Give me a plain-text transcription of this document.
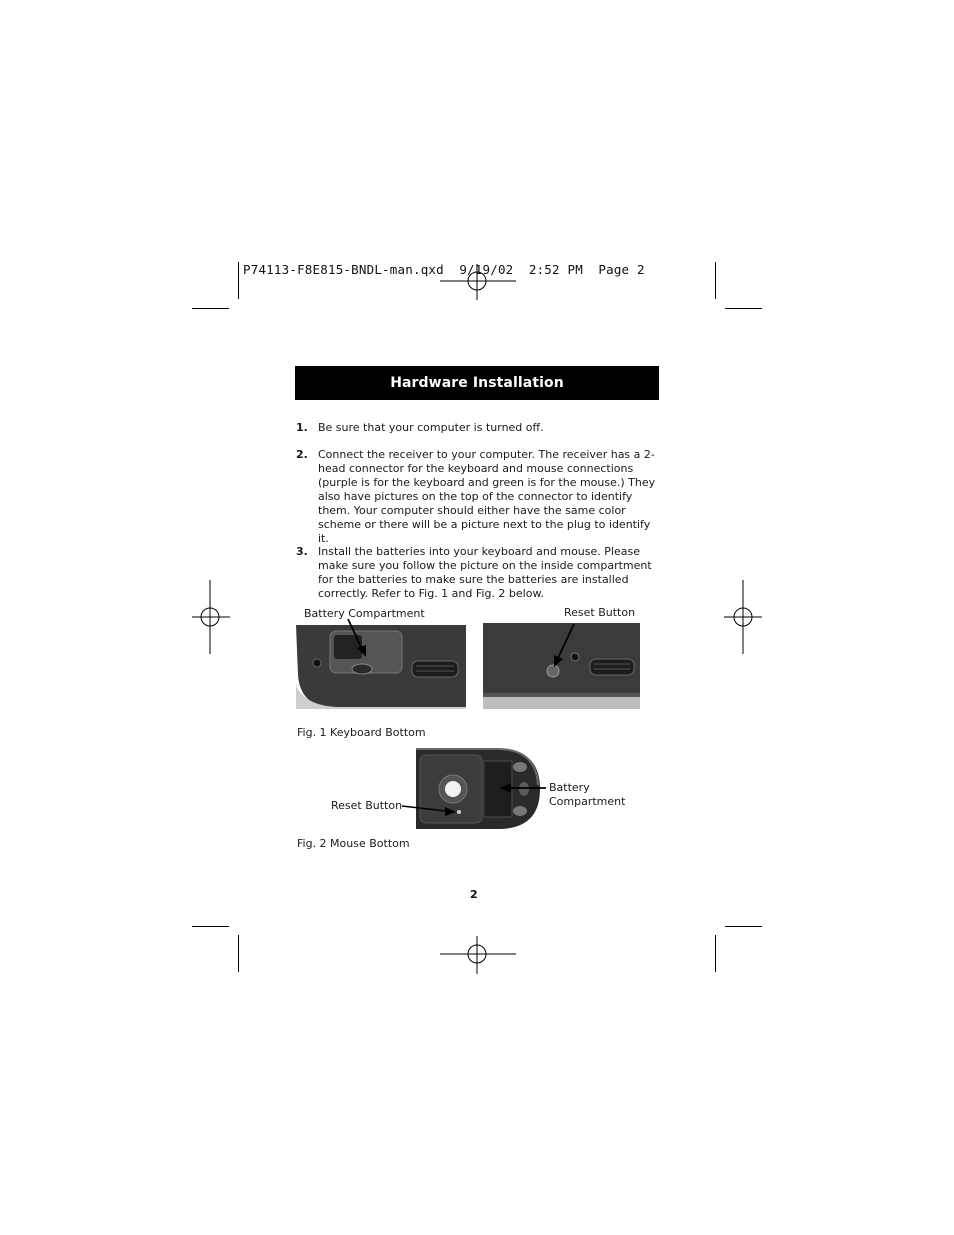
P74113-F8E815-BNDL-man.qxd  9/19/02  2:52 PM  Page 2
Hardware Installation
1. Be sure that your computer is turned off.
2. Connect the receiver to your computer. The receiver has a 2-head connector for the keyboard and mouse connections (purple is for the keyboard and green is for the mouse.) They also have pictures on the top of the connector to identify them. Your computer should either have the same color scheme or there will be a picture next to the plug to identify it.
3. Install the batteries into your keyboard and mouse. Please make sure you follow the picture on the inside compartment for the batteries to make sure the batteries are installed correctly. Refer to Fig. 1 and Fig. 2 below.
Battery Compartment	Reset Button
Fig. 1 Keyboard Bottom
Reset Button
Battery
Compartment
Fig. 2 Mouse Bottom
2
